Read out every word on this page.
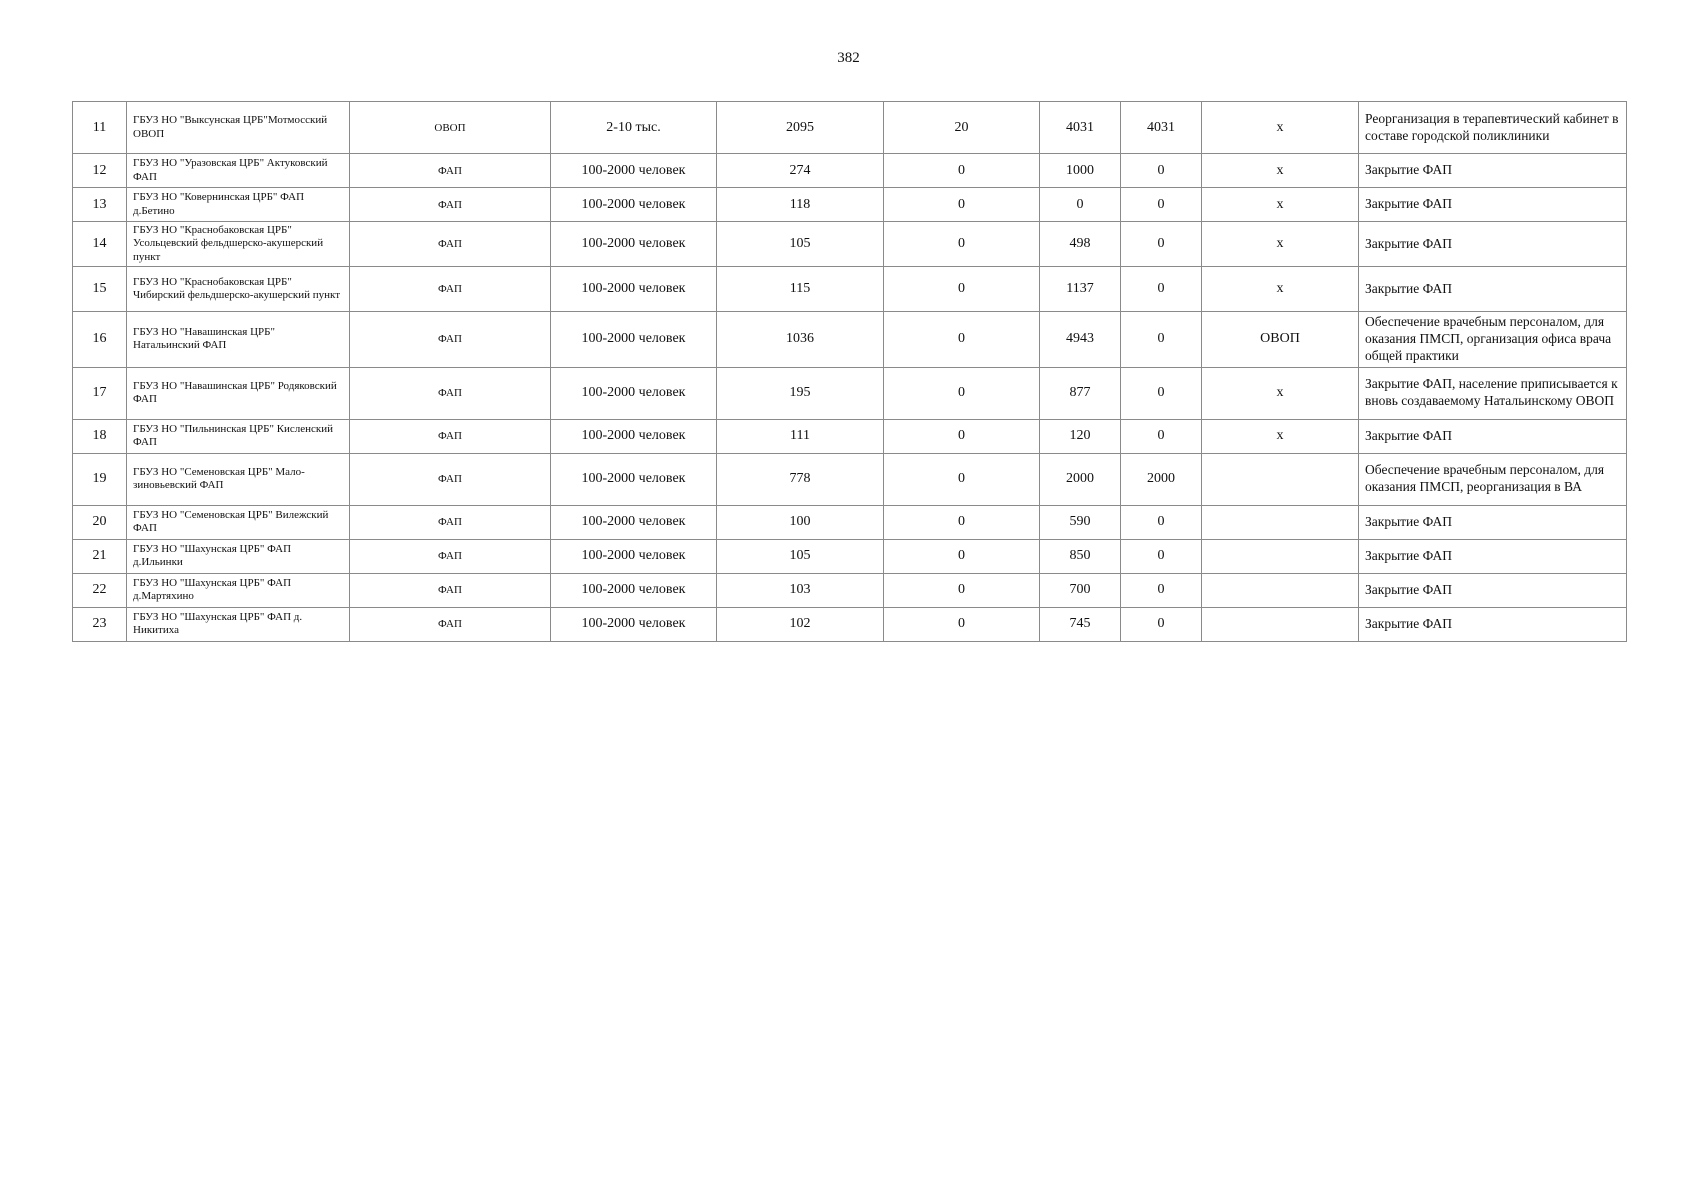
382
11	ГБУЗ НО "Выксунская ЦРБ"Мотмосский ОВОП	ОВОП	2-10 тыс.	2095	20	4031	4031	х	Реорганизация в терапевтический кабинет в составе городской поликлиники
12	ГБУЗ НО "Уразовская ЦРБ" Актуковский ФАП	ФАП	100-2000 человек	274	0	1000	0	х	Закрытие ФАП
13	ГБУЗ НО "Ковернинская ЦРБ" ФАП д.Бетино	ФАП	100-2000 человек	118	0	0	0	х	Закрытие ФАП
14	ГБУЗ НО "Краснобаковская ЦРБ" Усольцевский фельдшерско-акушерский пункт	ФАП	100-2000 человек	105	0	498	0	х	Закрытие ФАП
15	ГБУЗ НО "Краснобаковская ЦРБ" Чибирский фельдшерско-акушерский пункт	ФАП	100-2000 человек	115	0	1137	0	х	Закрытие ФАП
16	ГБУЗ НО "Навашинская ЦРБ" Натальинский ФАП	ФАП	100-2000 человек	1036	0	4943	0	ОВОП	Обеспечение врачебным персоналом, для оказания ПМСП, организация офиса врача общей практики
17	ГБУЗ НО "Навашинская ЦРБ" Родяковский ФАП	ФАП	100-2000 человек	195	0	877	0	х	Закрытие ФАП, население приписывается к вновь создаваемому Натальинскому ОВОП
18	ГБУЗ НО "Пильнинская ЦРБ" Кисленский ФАП	ФАП	100-2000 человек	111	0	120	0	х	Закрытие ФАП
19	ГБУЗ НО "Семеновская ЦРБ" Мало-зиновьевский ФАП	ФАП	100-2000 человек	778	0	2000	2000		Обеспечение врачебным персоналом, для оказания ПМСП, реорганизация в ВА
20	ГБУЗ НО "Семеновская ЦРБ" Вилежский ФАП	ФАП	100-2000 человек	100	0	590	0		Закрытие ФАП
21	ГБУЗ НО "Шахунская ЦРБ" ФАП д.Ильинки	ФАП	100-2000 человек	105	0	850	0		Закрытие ФАП
22	ГБУЗ НО "Шахунская ЦРБ" ФАП д.Мартяхино	ФАП	100-2000 человек	103	0	700	0		Закрытие ФАП
23	ГБУЗ НО "Шахунская ЦРБ" ФАП д. Никитиха	ФАП	100-2000 человек	102	0	745	0		Закрытие ФАП
